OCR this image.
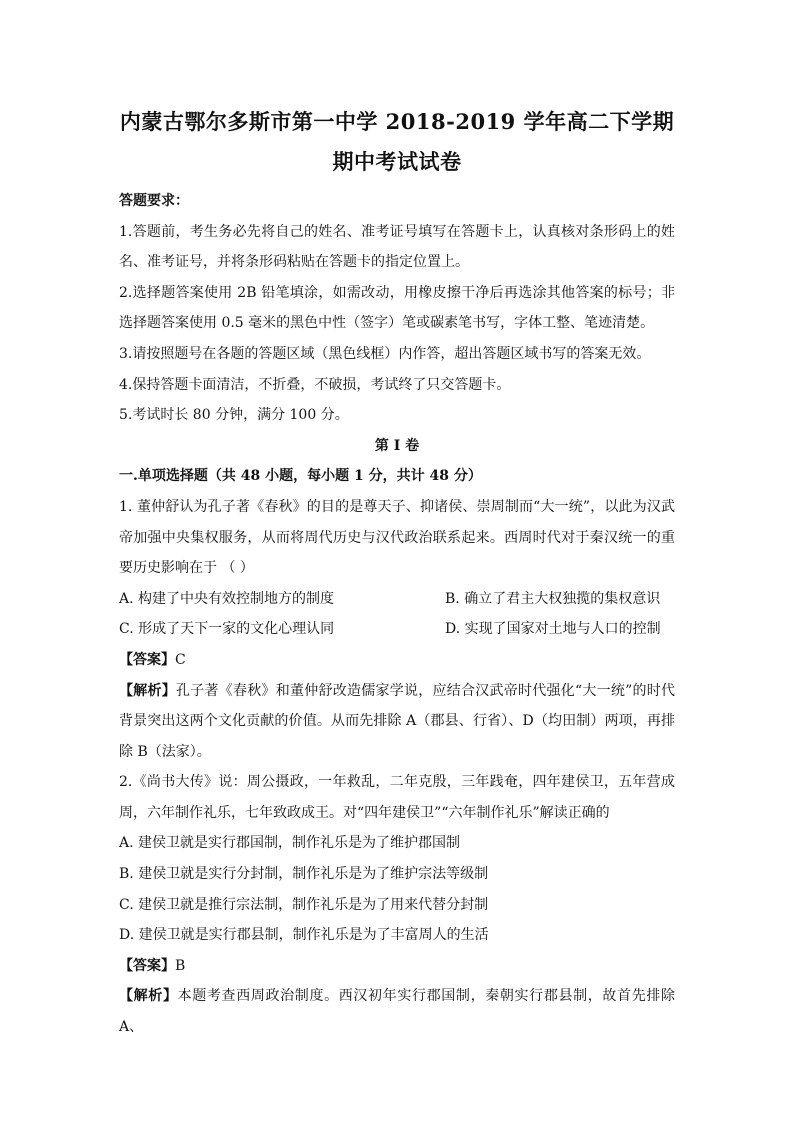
内蒙古鄂尔多斯市第一中学 2018-2019 学年高二下学期
期中考试试卷

答题要求：

1.答题前，考生务必先将自己的姓名、准考证号填写在答题卡上，认真核对条形码上的姓名、准考证号，并将条形码粘贴在答题卡的指定位置上。

2.选择题答案使用 2B 铅笔填涂，如需改动，用橡皮擦干净后再选涂其他答案的标号；非选择题答案使用 0.5 毫米的黑色中性（签字）笔或碳素笔书写，字体工整、笔迹清楚。

3.请按照题号在各题的答题区域（黑色线框）内作答，超出答题区域书写的答案无效。

4.保持答题卡面清洁，不折叠，不破损，考试终了只交答题卡。

5.考试时长 80 分钟，满分 100 分。

第 I 卷

一.单项选择题（共 48 小题，每小题 1 分，共计 48 分）

1. 董仲舒认为孔子著《春秋》的目的是尊天子、抑诸侯、崇周制而“大一统”，以此为汉武帝加强中央集权服务，从而将周代历史与汉代政治联系起来。西周时代对于秦汉统一的重要历史影响在于 （ ）

A. 构建了中央有效控制地方的制度	B. 确立了君主大权独揽的集权意识
C. 形成了天下一家的文化心理认同	D. 实现了国家对土地与人口的控制

【答案】C

【解析】孔子著《春秋》和董仲舒改造儒家学说，应结合汉武帝时代强化“大一统”的时代背景突出这两个文化贡献的价值。从而先排除 A（郡县、行省）、D（均田制）两项，再排除 B（法家）。

2.《尚书大传》说：周公摄政，一年救乱，二年克殷，三年践奄，四年建侯卫，五年营成周，六年制作礼乐，七年致政成王。对“四年建侯卫”“六年制作礼乐”解读正确的

A. 建侯卫就是实行郡国制，制作礼乐是为了维护郡国制

B. 建侯卫就是实行分封制，制作礼乐是为了维护宗法等级制

C. 建侯卫就是推行宗法制，制作礼乐是为了用来代替分封制

D. 建侯卫就是实行郡县制，制作礼乐是为了丰富周人的生活

【答案】B

【解析】本题考查西周政治制度。西汉初年实行郡国制，秦朝实行郡县制，故首先排除 A、
